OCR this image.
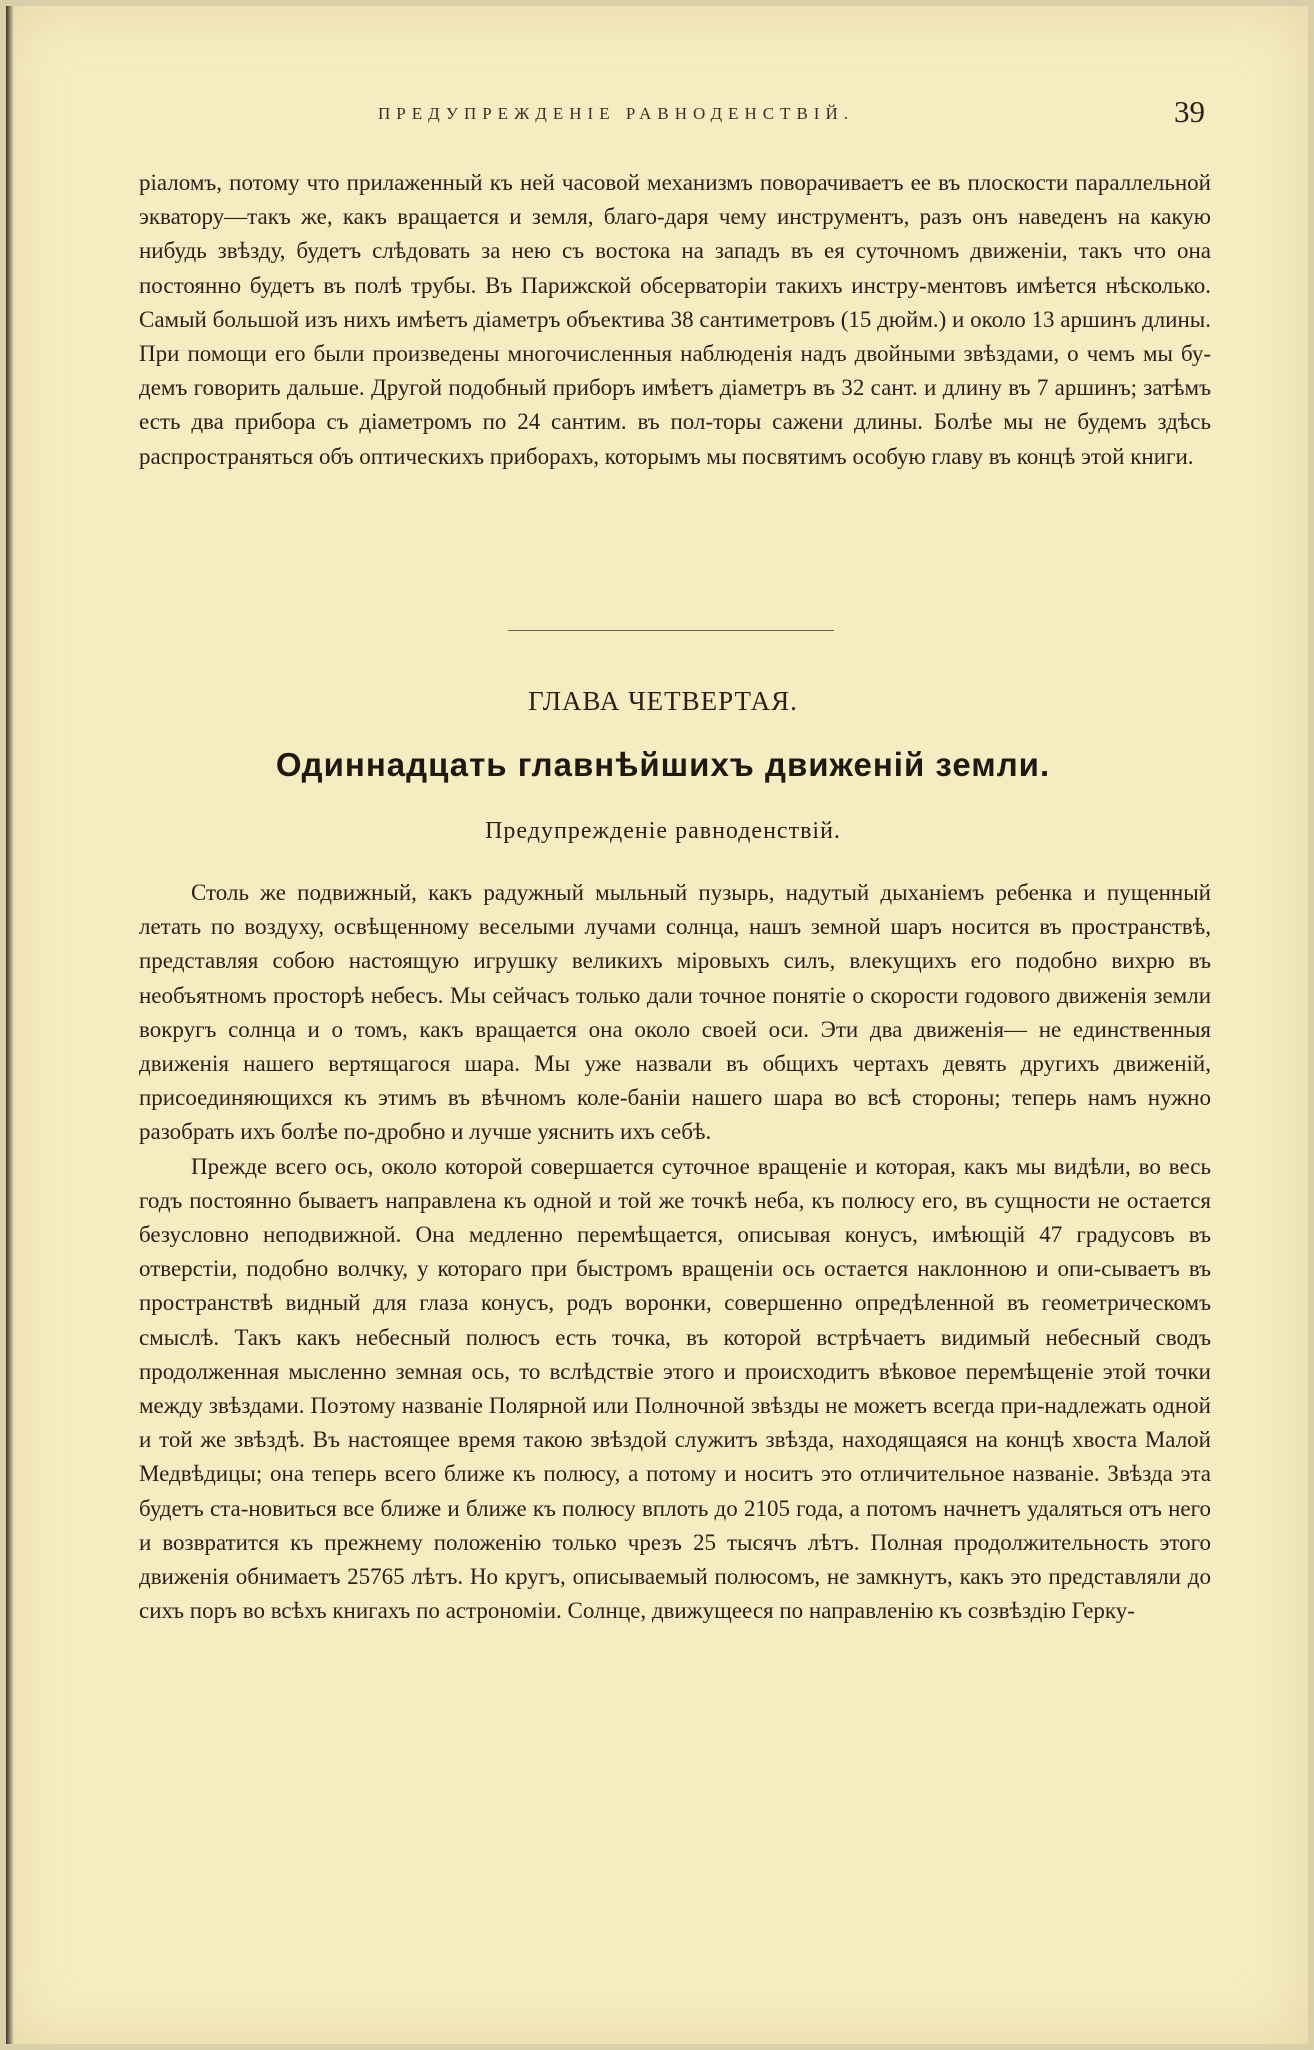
ПРЕДУПРЕЖДЕНІЕ РАВНОДЕНСТВІЙ.	39

ріаломъ, потому что прилаженный къ ней часовой механизмъ поворачиваетъ ее въ плоскости параллельной экватору—такъ же, какъ вращается и земля, благо-даря чему инструментъ, разъ онъ наведенъ на какую нибудь звѣзду, будетъ слѣдовать за нею съ востока на западъ въ ея суточномъ движеніи, такъ что она постоянно будетъ въ полѣ трубы. Въ Парижской обсерваторіи такихъ инстру-ментовъ имѣется нѣсколько. Самый большой изъ нихъ имѣетъ діаметръ объектива 38 сантиметровъ (15 дюйм.) и около 13 аршинъ длины. При помощи его были произведены многочисленныя наблюденія надъ двойными звѣздами, о чемъ мы бу-демъ говорить дальше. Другой подобный приборъ имѣетъ діаметръ въ 32 сант. и длину въ 7 аршинъ; затѣмъ есть два прибора съ діаметромъ по 24 сантим. въ пол-торы сажени длины. Болѣе мы не будемъ здѣсь распространяться объ оптическихъ приборахъ, которымъ мы посвятимъ особую главу въ концѣ этой книги.

ГЛАВА ЧЕТВЕРТАЯ.
Одиннадцать главнѣйшихъ движеній земли.
Предупрежденіе равноденствій.

Столь же подвижный, какъ радужный мыльный пузырь, надутый дыханіемъ ребенка и пущенный летать по воздуху, освѣщенному веселыми лучами солнца, нашъ земной шаръ носится въ пространствѣ, представляя собою настоящую игрушку великихъ міровыхъ силъ, влекущихъ его подобно вихрю въ необъятномъ просторѣ небесъ. Мы сейчасъ только дали точное понятіе о скорости годового движенія земли вокругъ солнца и о томъ, какъ вращается она около своей оси. Эти два движенія— не единственныя движенія нашего вертящагося шара. Мы уже назвали въ общихъ чертахъ девять другихъ движеній, присоединяющихся къ этимъ въ вѣчномъ коле-баніи нашего шара во всѣ стороны; теперь намъ нужно разобрать ихъ болѣе по-дробно и лучше уяснить ихъ себѣ.

Прежде всего ось, около которой совершается суточное вращеніе и которая, какъ мы видѣли, во весь годъ постоянно бываетъ направлена къ одной и той же точкѣ неба, къ полюсу его, въ сущности не остается безусловно неподвижной. Она медленно перемѣщается, описывая конусъ, имѣющій 47 градусовъ въ отверстіи, подобно волчку, у котораго при быстромъ вращеніи ось остается наклонною и опи-сываетъ въ пространствѣ видный для глаза конусъ, родъ воронки, совершенно опредѣленной въ геометрическомъ смыслѣ. Такъ какъ небесный полюсъ есть точка, въ которой встрѣчаетъ видимый небесный сводъ продолженная мысленно земная ось, то вслѣдствіе этого и происходитъ вѣковое перемѣщеніе этой точки между звѣздами. Поэтому названіе Полярной или Полночной звѣзды не можетъ всегда при-надлежать одной и той же звѣздѣ. Въ настоящее время такою звѣздой служитъ звѣзда, находящаяся на концѣ хвоста Малой Медвѣдицы; она теперь всего ближе къ полюсу, а потому и носитъ это отличительное названіе. Звѣзда эта будетъ ста-новиться все ближе и ближе къ полюсу вплоть до 2105 года, а потомъ начнетъ удаляться отъ него и возвратится къ прежнему положенію только чрезъ 25 тысячъ лѣтъ. Полная продолжительность этого движенія обнимаетъ 25765 лѣтъ. Но кругъ, описываемый полюсомъ, не замкнутъ, какъ это представляли до сихъ поръ во всѣхъ книгахъ по астрономіи. Солнце, движущееся по направленію къ созвѣздію Герку-
